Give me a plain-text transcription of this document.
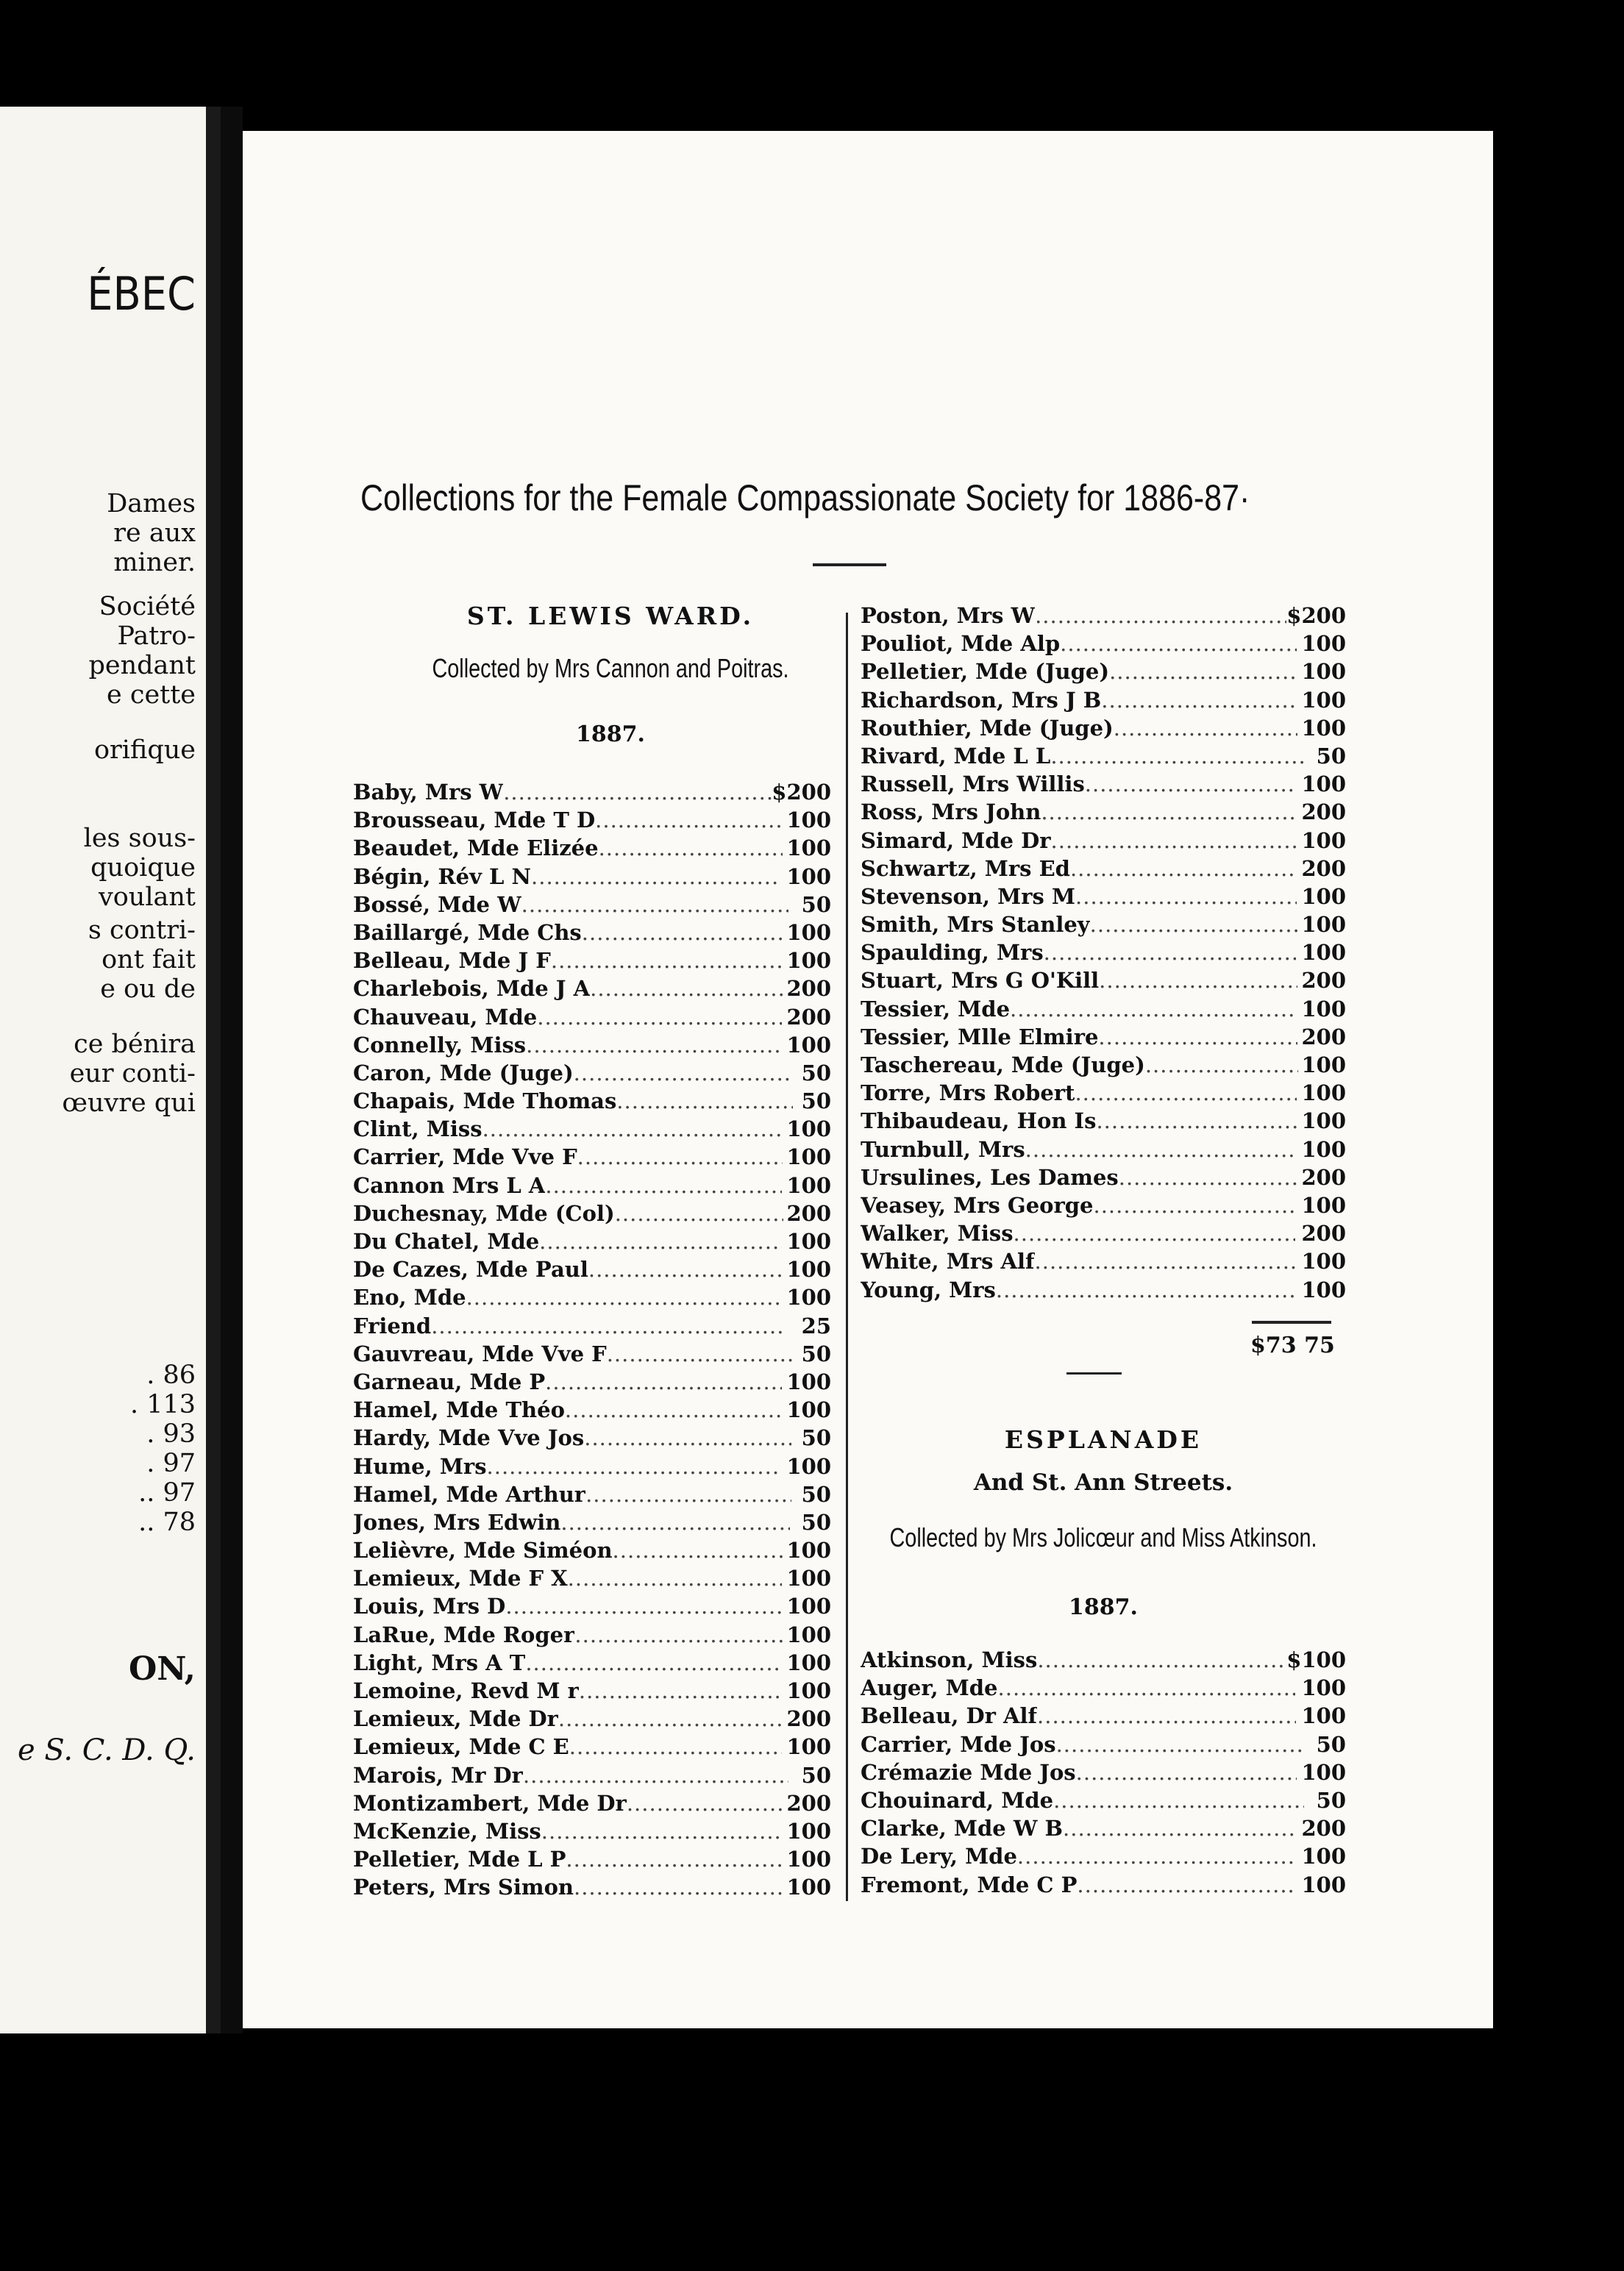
ÉBEC
Dames
re aux
miner.
Société
Patro-
pendant
e cette
orifique
les sous-
quoique
voulant
s contri-
ont fait
e ou de
ce bénira
eur conti-
œuvre qui
. 86
. 113
. 93
. 97
.. 97
.. 78
ON,
e S. C. D. Q.
Collections for the Female Compassionate Society for 1886-87·
ST. LEWIS WARD.
Collected by Mrs Cannon and Poitras.
1887.
Baby, Mrs W .....	$ 2 00
Brousseau, Mde T D .....	1 00
Beaudet, Mde Elizée .....	1 00
Bégin, Rév L N .....	1 00
Bossé, Mde W .....	50
Baillargé, Mde Chs .....	1 00
Belleau, Mde J F .....	1 00
Charlebois, Mde J A .....	2 00
Chauveau, Mde .....	2 00
Connelly, Miss .....	1 00
Caron, Mde (Juge) .....	50
Chapais, Mde Thomas .....	50
Clint, Miss .....	1 00
Carrier, Mde Vve F .....	1 00
Cannon Mrs L A .....	1 00
Duchesnay, Mde (Col) .....	2 00
Du Chatel, Mde .....	1 00
De Cazes, Mde Paul .....	1 00
Eno, Mde .....	1 00
Friend .....	25
Gauvreau, Mde Vve F .....	50
Garneau, Mde P .....	1 00
Hamel, Mde Théo .....	1 00
Hardy, Mde Vve Jos .....	50
Hume, Mrs .....	1 00
Hamel, Mde Arthur .....	50
Jones, Mrs Edwin .....	50
Lelièvre, Mde Siméon .....	1 00
Lemieux, Mde F X .....	1 00
Louis, Mrs D .....	1 00
LaRue, Mde Roger .....	1 00
Light, Mrs A T .....	1 00
Lemoine, Revd M r .....	1 00
Lemieux, Mde Dr .....	2 00
Lemieux, Mde C E .....	1 00
Marois, Mr Dr .....	50
Montizambert, Mde Dr .....	2 00
McKenzie, Miss .....	1 00
Pelletier, Mde L P .....	1 00
Peters, Mrs Simon .....	1 00
Poston, Mrs W .....	$ 2 00
Pouliot, Mde Alp .....	1 00
Pelletier, Mde (Juge) .....	1 00
Richardson, Mrs J B .....	1 00
Routhier, Mde (Juge) .....	1 00
Rivard, Mde L L .....	50
Russell, Mrs Willis .....	1 00
Ross, Mrs John .....	2 00
Simard, Mde Dr .....	1 00
Schwartz, Mrs Ed .....	2 00
Stevenson, Mrs M .....	1 00
Smith, Mrs Stanley .....	1 00
Spaulding, Mrs .....	1 00
Stuart, Mrs G O'Kill .....	2 00
Tessier, Mde .....	1 00
Tessier, Mlle Elmire .....	2 00
Taschereau, Mde (Juge) .....	1 00
Torre, Mrs Robert .....	1 00
Thibaudeau, Hon Is .....	1 00
Turnbull, Mrs .....	1 00
Ursulines, Les Dames .....	2 00
Veasey, Mrs George .....	1 00
Walker, Miss .....	2 00
White, Mrs Alf .....	1 00
Young, Mrs .....	1 00
$73 75
ESPLANADE
And St. Ann Streets.
Collected by Mrs Jolicœur and Miss Atkinson.
1887.
Atkinson, Miss .....	$ 1 00
Auger, Mde .....	1 00
Belleau, Dr Alf .....	1 00
Carrier, Mde Jos .....	50
Crémazie Mde Jos .....	1 00
Chouinard, Mde .....	50
Clarke, Mde W B .....	2 00
De Lery, Mde .....	1 00
Fremont, Mde C P .....	1 00
